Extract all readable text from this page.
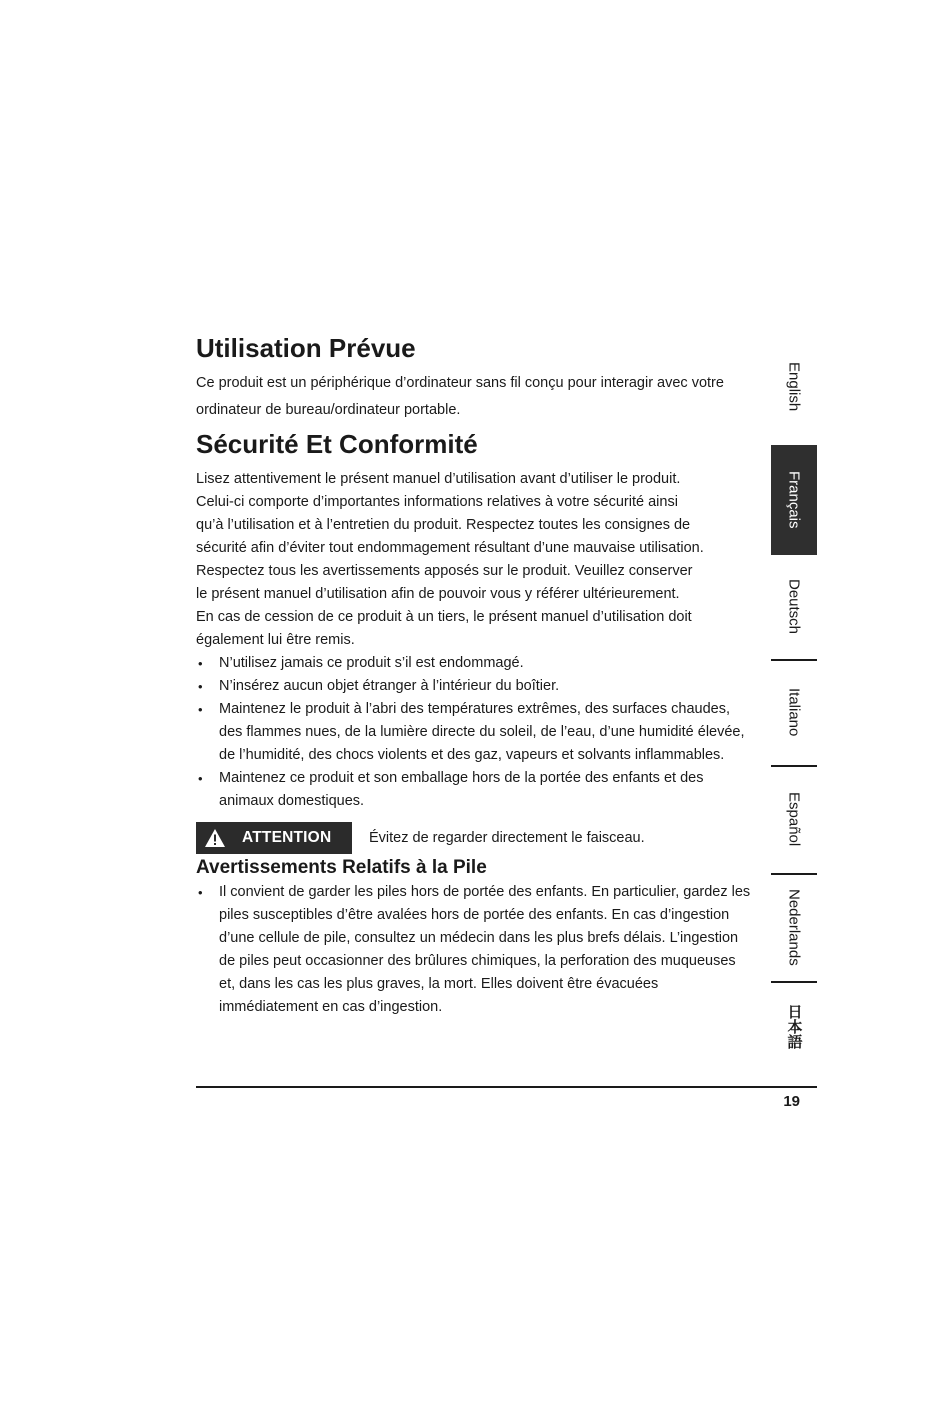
Utilisation Prévue

Ce produit est un périphérique d’ordinateur sans fil conçu pour interagir avec votre ordinateur de bureau/ordinateur portable.

Sécurité Et Conformité

Lisez attentivement le présent manuel d’utilisation avant d’utiliser le produit.

Celui-ci comporte d’importantes informations relatives à votre sécurité ainsi

qu’à l’utilisation et à l’entretien du produit. Respectez toutes les consignes de

sécurité afin d’éviter tout endommagement résultant d’une mauvaise utilisation.

Respectez tous les avertissements apposés sur le produit. Veuillez conserver

le présent manuel d’utilisation afin de pouvoir vous y référer ultérieurement.

En cas de cession de ce produit à un tiers, le présent manuel d’utilisation doit

également lui être remis.

• N’utilisez jamais ce produit s’il est endommagé.
• N’insérez aucun objet étranger à l’intérieur du boîtier.
• Maintenez le produit à l’abri des températures extrêmes, des surfaces chaudes, des flammes nues, de la lumière directe du soleil, de l’eau, d’une humidité élevée, de l’humidité, des chocs violents et des gaz, vapeurs et solvants inflammables.
• Maintenez ce produit et son emballage hors de la portée des enfants et des animaux domestiques.
ATTENTION	Évitez de regarder directement le faisceau.
Avertissements Relatifs à la Pile
• Il convient de garder les piles hors de portée des enfants. En particulier, gardez les piles susceptibles d’être avalées hors de portée des enfants. En cas d’ingestion d’une cellule de pile, consultez un médecin dans les plus brefs délais. L’ingestion de piles peut occasionner des brûlures chimiques, la perforation des muqueuses et, dans les cas les plus graves, la mort. Elles doivent être évacuées immédiatement en cas d’ingestion.
English
Français
Deutsch
Italiano
Español
Nederlands
日本語
19
